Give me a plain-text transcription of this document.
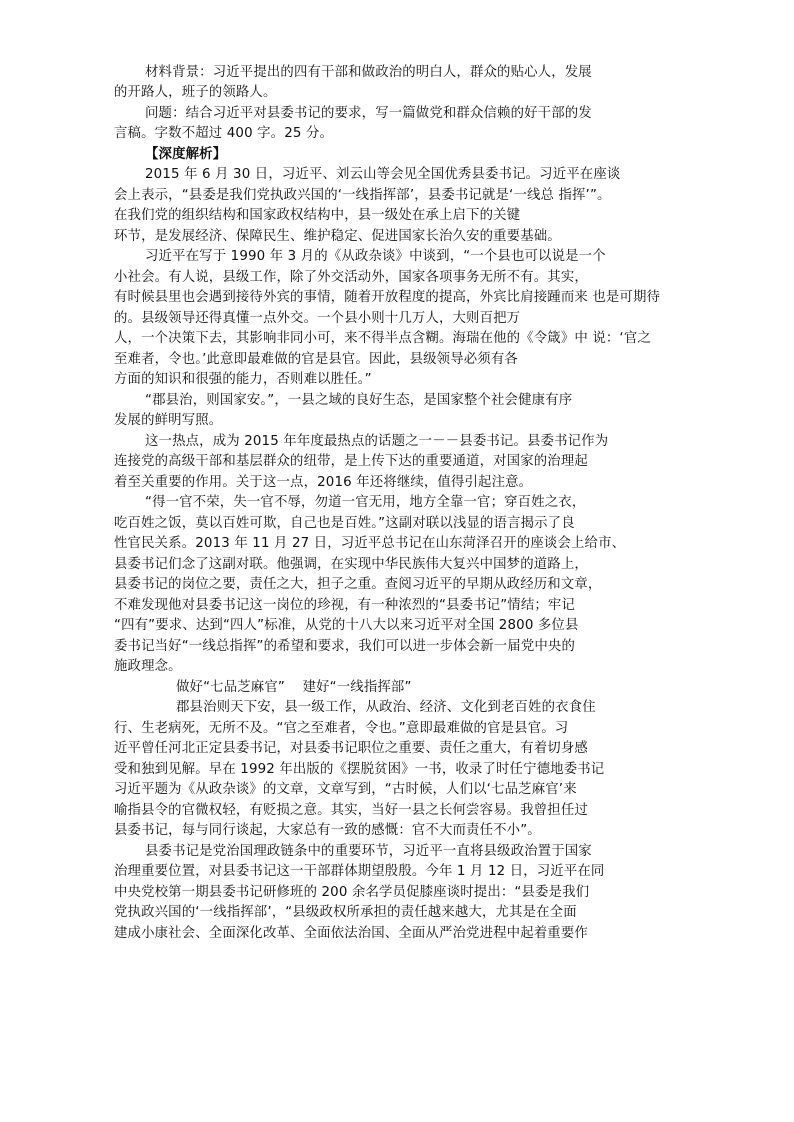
材料背景：习近平提出的四有干部和做政治的明白人，群众的贴心人，发展
的开路人，班子的领路人。
问题：结合习近平对县委书记的要求，写一篇做党和群众信赖的好干部的发
言稿。字数不超过 400 字。25 分。
【深度解析】
2015 年 6 月 30 日，习近平、刘云山等会见全国优秀县委书记。习近平在座谈
会上表示，“县委是我们党执政兴国的‘一线指挥部’，县委书记就是‘一线总 指挥’”。
在我们党的组织结构和国家政权结构中，县一级处在承上启下的关键
环节，是发展经济、保障民生、维护稳定、促进国家长治久安的重要基础。
习近平在写于 1990 年 3 月的《从政杂谈》中谈到，“一个县也可以说是一个
小社会。有人说，县级工作，除了外交活动外，国家各项事务无所不有。其实，
有时候县里也会遇到接待外宾的事情，随着开放程度的提高，外宾比肩接踵而来 也是可期待
的。县级领导还得真懂一点外交。一个县小则十几万人，大则百把万
人，一个决策下去，其影响非同小可，来不得半点含糊。海瑞在他的《令箴》中 说：‘官之
至难者，令也。’此意即最难做的官是县官。因此，县级领导必须有各
方面的知识和很强的能力，否则难以胜任。”
“郡县治，则国家安。”，一县之域的良好生态，是国家整个社会健康有序
发展的鲜明写照。
这一热点，成为 2015 年年度最热点的话题之一－－县委书记。县委书记作为
连接党的高级干部和基层群众的纽带，是上传下达的重要通道，对国家的治理起
着至关重要的作用。关于这一点，2016 年还将继续，值得引起注意。
“得一官不荣，失一官不辱，勿道一官无用，地方全靠一官；穿百姓之衣，
吃百姓之饭，莫以百姓可欺，自己也是百姓。”这副对联以浅显的语言揭示了良
性官民关系。2013 年 11 月 27 日，习近平总书记在山东菏泽召开的座谈会上给市、
县委书记们念了这副对联。他强调，在实现中华民族伟大复兴中国梦的道路上，
县委书记的岗位之要，责任之大，担子之重。查阅习近平的早期从政经历和文章，
不难发现他对县委书记这一岗位的珍视，有一种浓烈的“县委书记”情结；牢记
“四有”要求、达到“四人”标准，从党的十八大以来习近平对全国 2800 多位县
委书记当好“一线总指挥”的希望和要求，我们可以进一步体会新一届党中央的
施政理念。
做好“七品芝麻官”    建好“一线指挥部”
郡县治则天下安，县一级工作，从政治、经济、文化到老百姓的衣食住
行、生老病死，无所不及。“官之至难者，令也。”意即最难做的官是县官。习
近平曾任河北正定县委书记，对县委书记职位之重要、责任之重大，有着切身感
受和独到见解。早在 1992 年出版的《摆脱贫困》一书，收录了时任宁德地委书记
习近平题为《从政杂谈》的文章，文章写到，“古时候，人们以‘七品芝麻官’来
喻指县令的官微权轻，有贬损之意。其实，当好一县之长何尝容易。我曾担任过
县委书记，每与同行谈起，大家总有一致的感慨：官不大而责任不小”。
县委书记是党治国理政链条中的重要环节，习近平一直将县级政治置于国家
治理重要位置，对县委书记这一干部群体期望殷殷。今年 1 月 12 日，习近平在同
中央党校第一期县委书记研修班的 200 余名学员促膝座谈时提出：“县委是我们
党执政兴国的‘一线指挥部’，“县级政权所承担的责任越来越大，尤其是在全面
建成小康社会、全面深化改革、全面依法治国、全面从严治党进程中起着重要作
